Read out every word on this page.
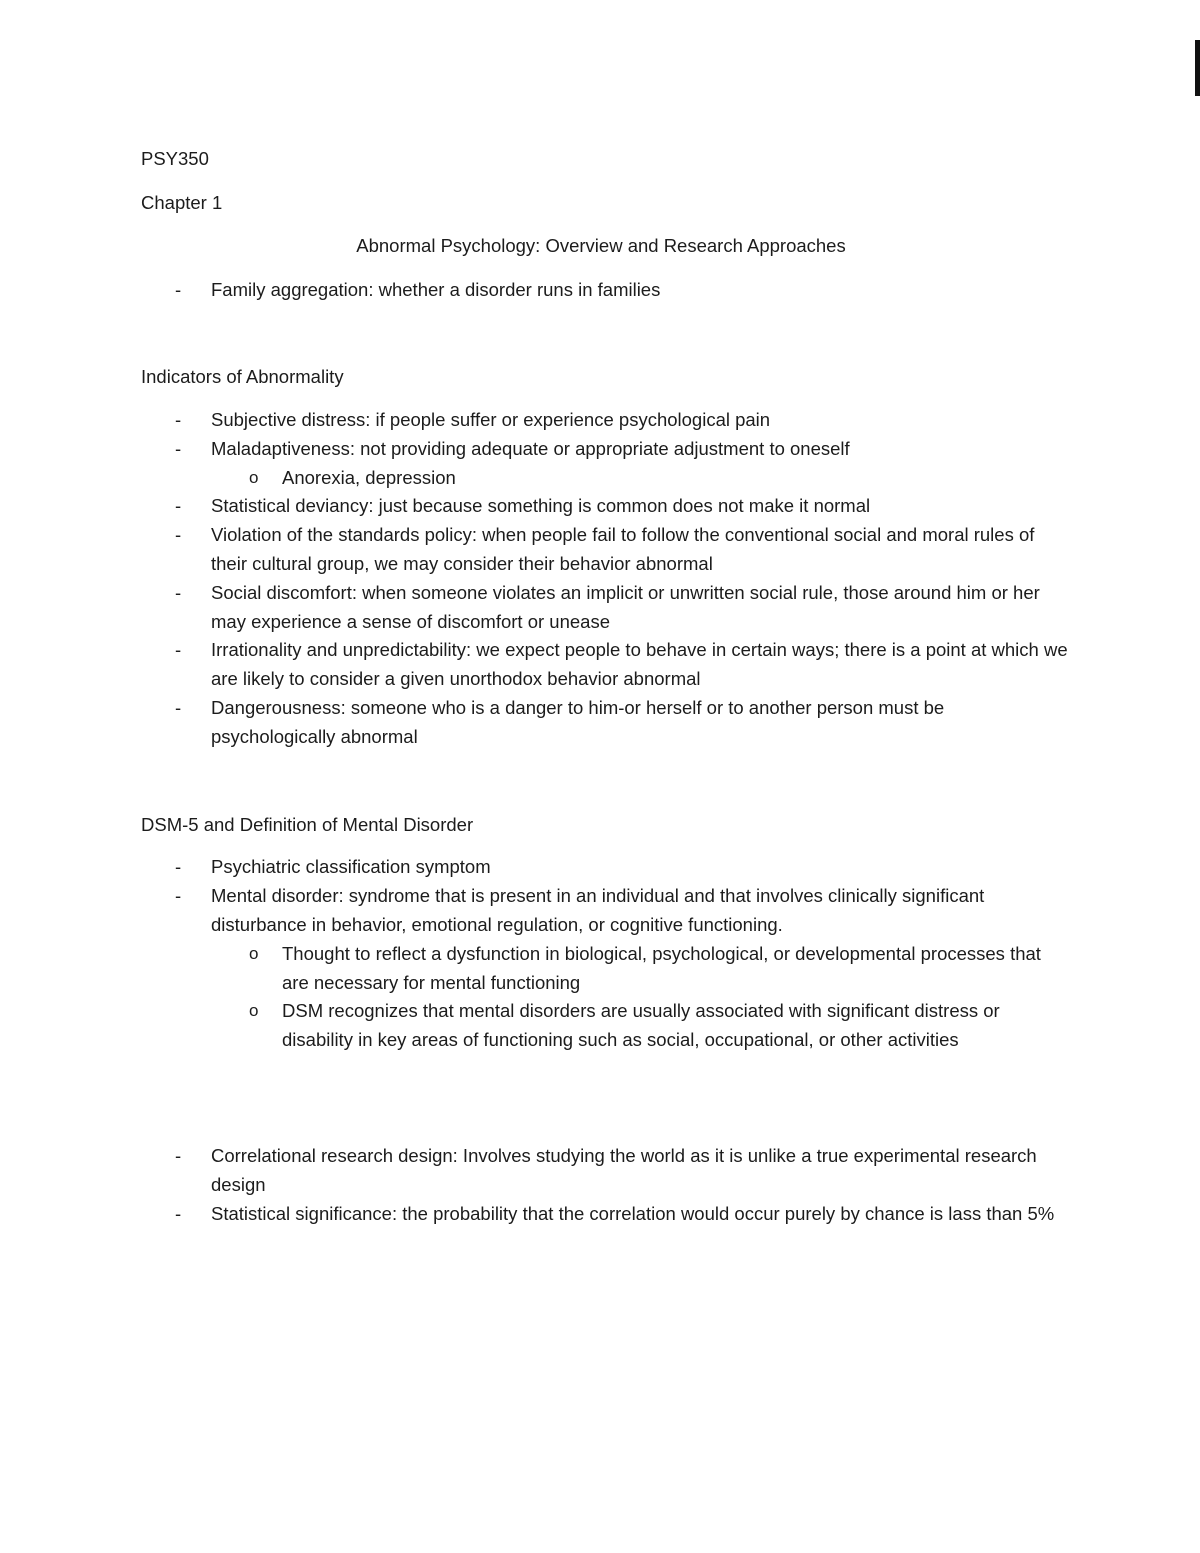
PSY350

Chapter 1

Abnormal Psychology: Overview and Research Approaches

- Family aggregation: whether a disorder runs in families

Indicators of Abnormality

- Subjective distress: if people suffer or experience psychological pain
- Maladaptiveness: not providing adequate or appropriate adjustment to oneself
o Anorexia, depression
- Statistical deviancy: just because something is common does not make it normal
- Violation of the standards policy: when people fail to follow the conventional social and moral rules of their cultural group, we may consider their behavior abnormal
- Social discomfort: when someone violates an implicit or unwritten social rule, those around him or her may experience a sense of discomfort or unease
- Irrationality and unpredictability: we expect people to behave in certain ways; there is a point at which we are likely to consider a given unorthodox behavior abnormal
- Dangerousness: someone who is a danger to him-or herself or to another person must be psychologically abnormal

DSM-5 and Definition of Mental Disorder

- Psychiatric classification symptom
- Mental disorder: syndrome that is present in an individual and that involves clinically significant disturbance in behavior, emotional regulation, or cognitive functioning.
o Thought to reflect a dysfunction in biological, psychological, or developmental processes that are necessary for mental functioning
o DSM recognizes that mental disorders are usually associated with significant distress or disability in key areas of functioning such as social, occupational, or other activities
- Correlational research design: Involves studying the world as it is unlike a true experimental research design
- Statistical significance: the probability that the correlation would occur purely by chance is lass than 5%
